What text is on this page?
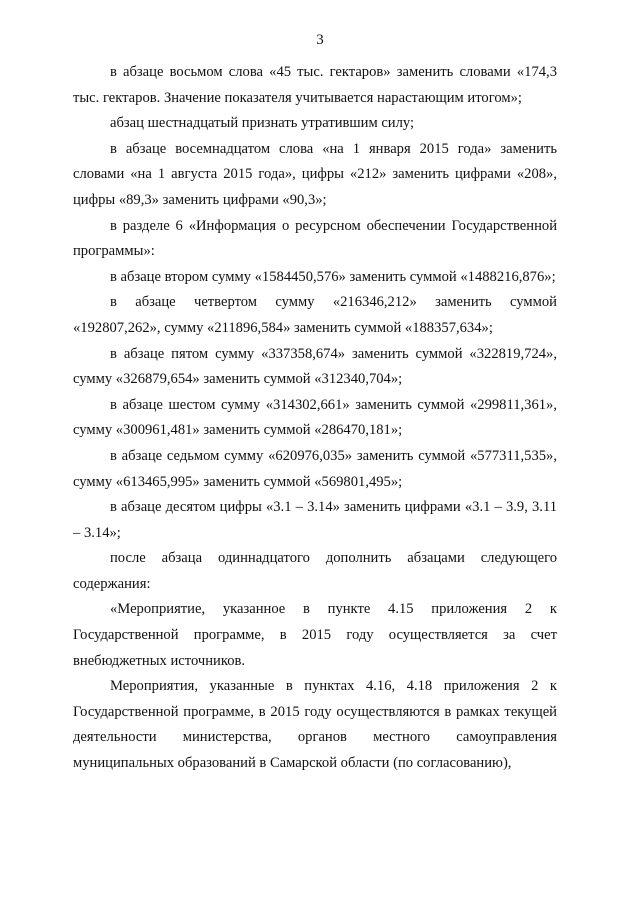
3

в абзаце восьмом слова «45 тыс. гектаров» заменить словами «174,3 тыс. гектаров. Значение показателя учитывается нарастающим итогом»;

абзац шестнадцатый признать утратившим силу;

в абзаце восемнадцатом слова «на 1 января 2015 года» заменить словами «на 1 августа 2015 года», цифры «212» заменить цифрами «208», цифры «89,3» заменить цифрами «90,3»;

в разделе 6 «Информация о ресурсном обеспечении Государственной программы»:

в абзаце втором сумму «1584450,576» заменить суммой «1488216,876»;

в абзаце четвертом сумму «216346,212» заменить суммой «192807,262», сумму «211896,584» заменить суммой «188357,634»;

в абзаце пятом сумму «337358,674» заменить суммой «322819,724», сумму «326879,654» заменить суммой «312340,704»;

в абзаце шестом сумму «314302,661» заменить суммой «299811,361», сумму «300961,481» заменить суммой «286470,181»;

в абзаце седьмом сумму «620976,035» заменить суммой «577311,535», сумму «613465,995» заменить суммой «569801,495»;

в абзаце десятом цифры «3.1 – 3.14» заменить цифрами «3.1 – 3.9, 3.11 – 3.14»;

после абзаца одиннадцатого дополнить абзацами следующего содержания:

«Мероприятие, указанное в пункте 4.15 приложения 2 к Государственной программе, в 2015 году осуществляется за счет внебюджетных источников.

Мероприятия, указанные в пунктах 4.16, 4.18 приложения 2 к Государственной программе, в 2015 году осуществляются в рамках текущей деятельности министерства, органов местного самоуправления муниципальных образований в Самарской области (по согласованию),
